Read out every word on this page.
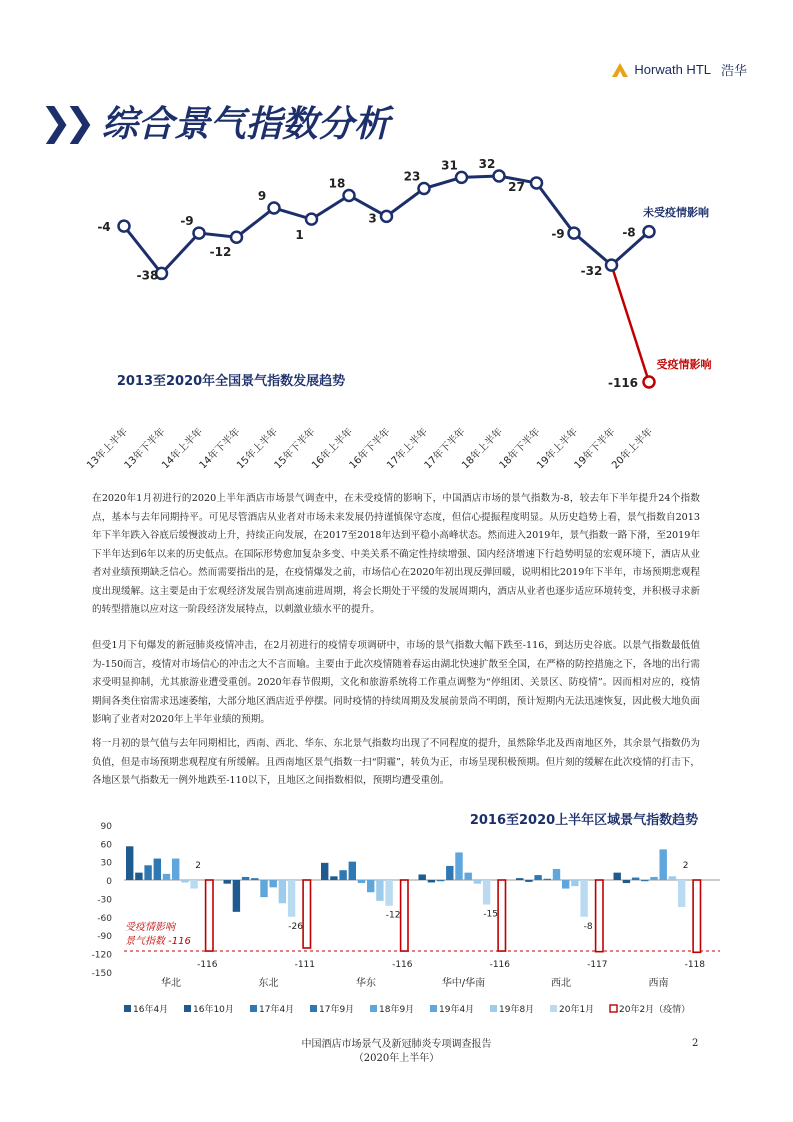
Horwath HTL 浩华
❯❯ 综合景气指数分析
2013至2020年全国景气指数发展趋势
未受疫情影响
受疫情影响
-4
-38
-9
-12
9
1
18
3
23
31 32
27
-9
-32
-8
-116
13年上半年
13年下半年
14年上半年
14年下半年
15年上半年
15年下半年
16年上半年
16年下半年
17年上半年
17年下半年
18年上半年
18年下半年
19年上半年
19年下半年
20年上半年

在2020年1月初进行的2020上半年酒店市场景气调查中，在未受疫情的影响下，中国酒店市场的景气指数为-8，较去年下半年提升24个指数点，基本与去年同期持平。可见尽管酒店从业者对市场未来发展仍持谨慎保守态度，但信心提振程度明显。从历史趋势上看，景气指数自2013年下半年跌入谷底后缓慢波动上升，持续正向发展，在2017至2018年达到平稳小高峰状态。然而进入2019年，景气指数一路下滑，至2019年下半年达到6年以来的历史低点。在国际形势愈加复杂多变、中美关系不确定性持续增强、国内经济增速下行趋势明显的宏观环境下，酒店从业者对业绩预期缺乏信心。然而需要指出的是，在疫情爆发之前，市场信心在2020年初出现反弹回暖，说明相比2019年下半年，市场预期悲观程度出现缓解。这主要是由于宏观经济发展告别高速前进周期，将会长期处于平缓的发展周期内，酒店从业者也逐步适应环境转变，并积极寻求新的转型措施以应对这一阶段经济发展特点，以刺激业绩水平的提升。

但受1月下旬爆发的新冠肺炎疫情冲击，在2月初进行的疫情专项调研中，市场的景气指数大幅下跌至-116，到达历史谷底。以景气指数最低值为-150而言，疫情对市场信心的冲击之大不言而喻。主要由于此次疫情随着春运由湖北快速扩散至全国，在严格的防控措施之下，各地的出行需求受明显抑制，尤其旅游业遭受重创。2020年春节假期，文化和旅游系统将工作重点调整为“停组团、关景区、防疫情”。因而相对应的，疫情期间各类住宿需求迅速萎缩，大部分地区酒店近乎停摆。同时疫情的持续周期及发展前景尚不明朗，预计短期内无法迅速恢复，因此极大地负面影响了业者对2020年上半年业绩的预期。

将一月初的景气值与去年同期相比，西南、西北、华东、东北景气指数均出现了不同程度的提升，虽然除华北及西南地区外，其余景气指数仍为负值，但是市场预期悲观程度有所缓解。且西南地区景气指数一扫“阴霾”，转负为正，市场呈现积极预期。但片刻的缓解在此次疫情的打击下，各地区景气指数无一例外地跌至-110以下，且地区之间指数相似，预期均遭受重创。

2016至2020上半年区域景气指数趋势
90
60
30
0
-30
-60
-90
-120
-150
2
-116
华北
-26
-111
东北
-12
-116
华东
-15
-116
华中/华南
-8
-117
西北
2
-118
西南
受疫情影响
景气指数 -116
16年4月	16年10月	17年4月	17年9月	18年9月	19年4月	19年8月	20年1月	20年2月（疫情）
中国酒店市场景气及新冠肺炎专项调查报告
（2020年上半年）
2
